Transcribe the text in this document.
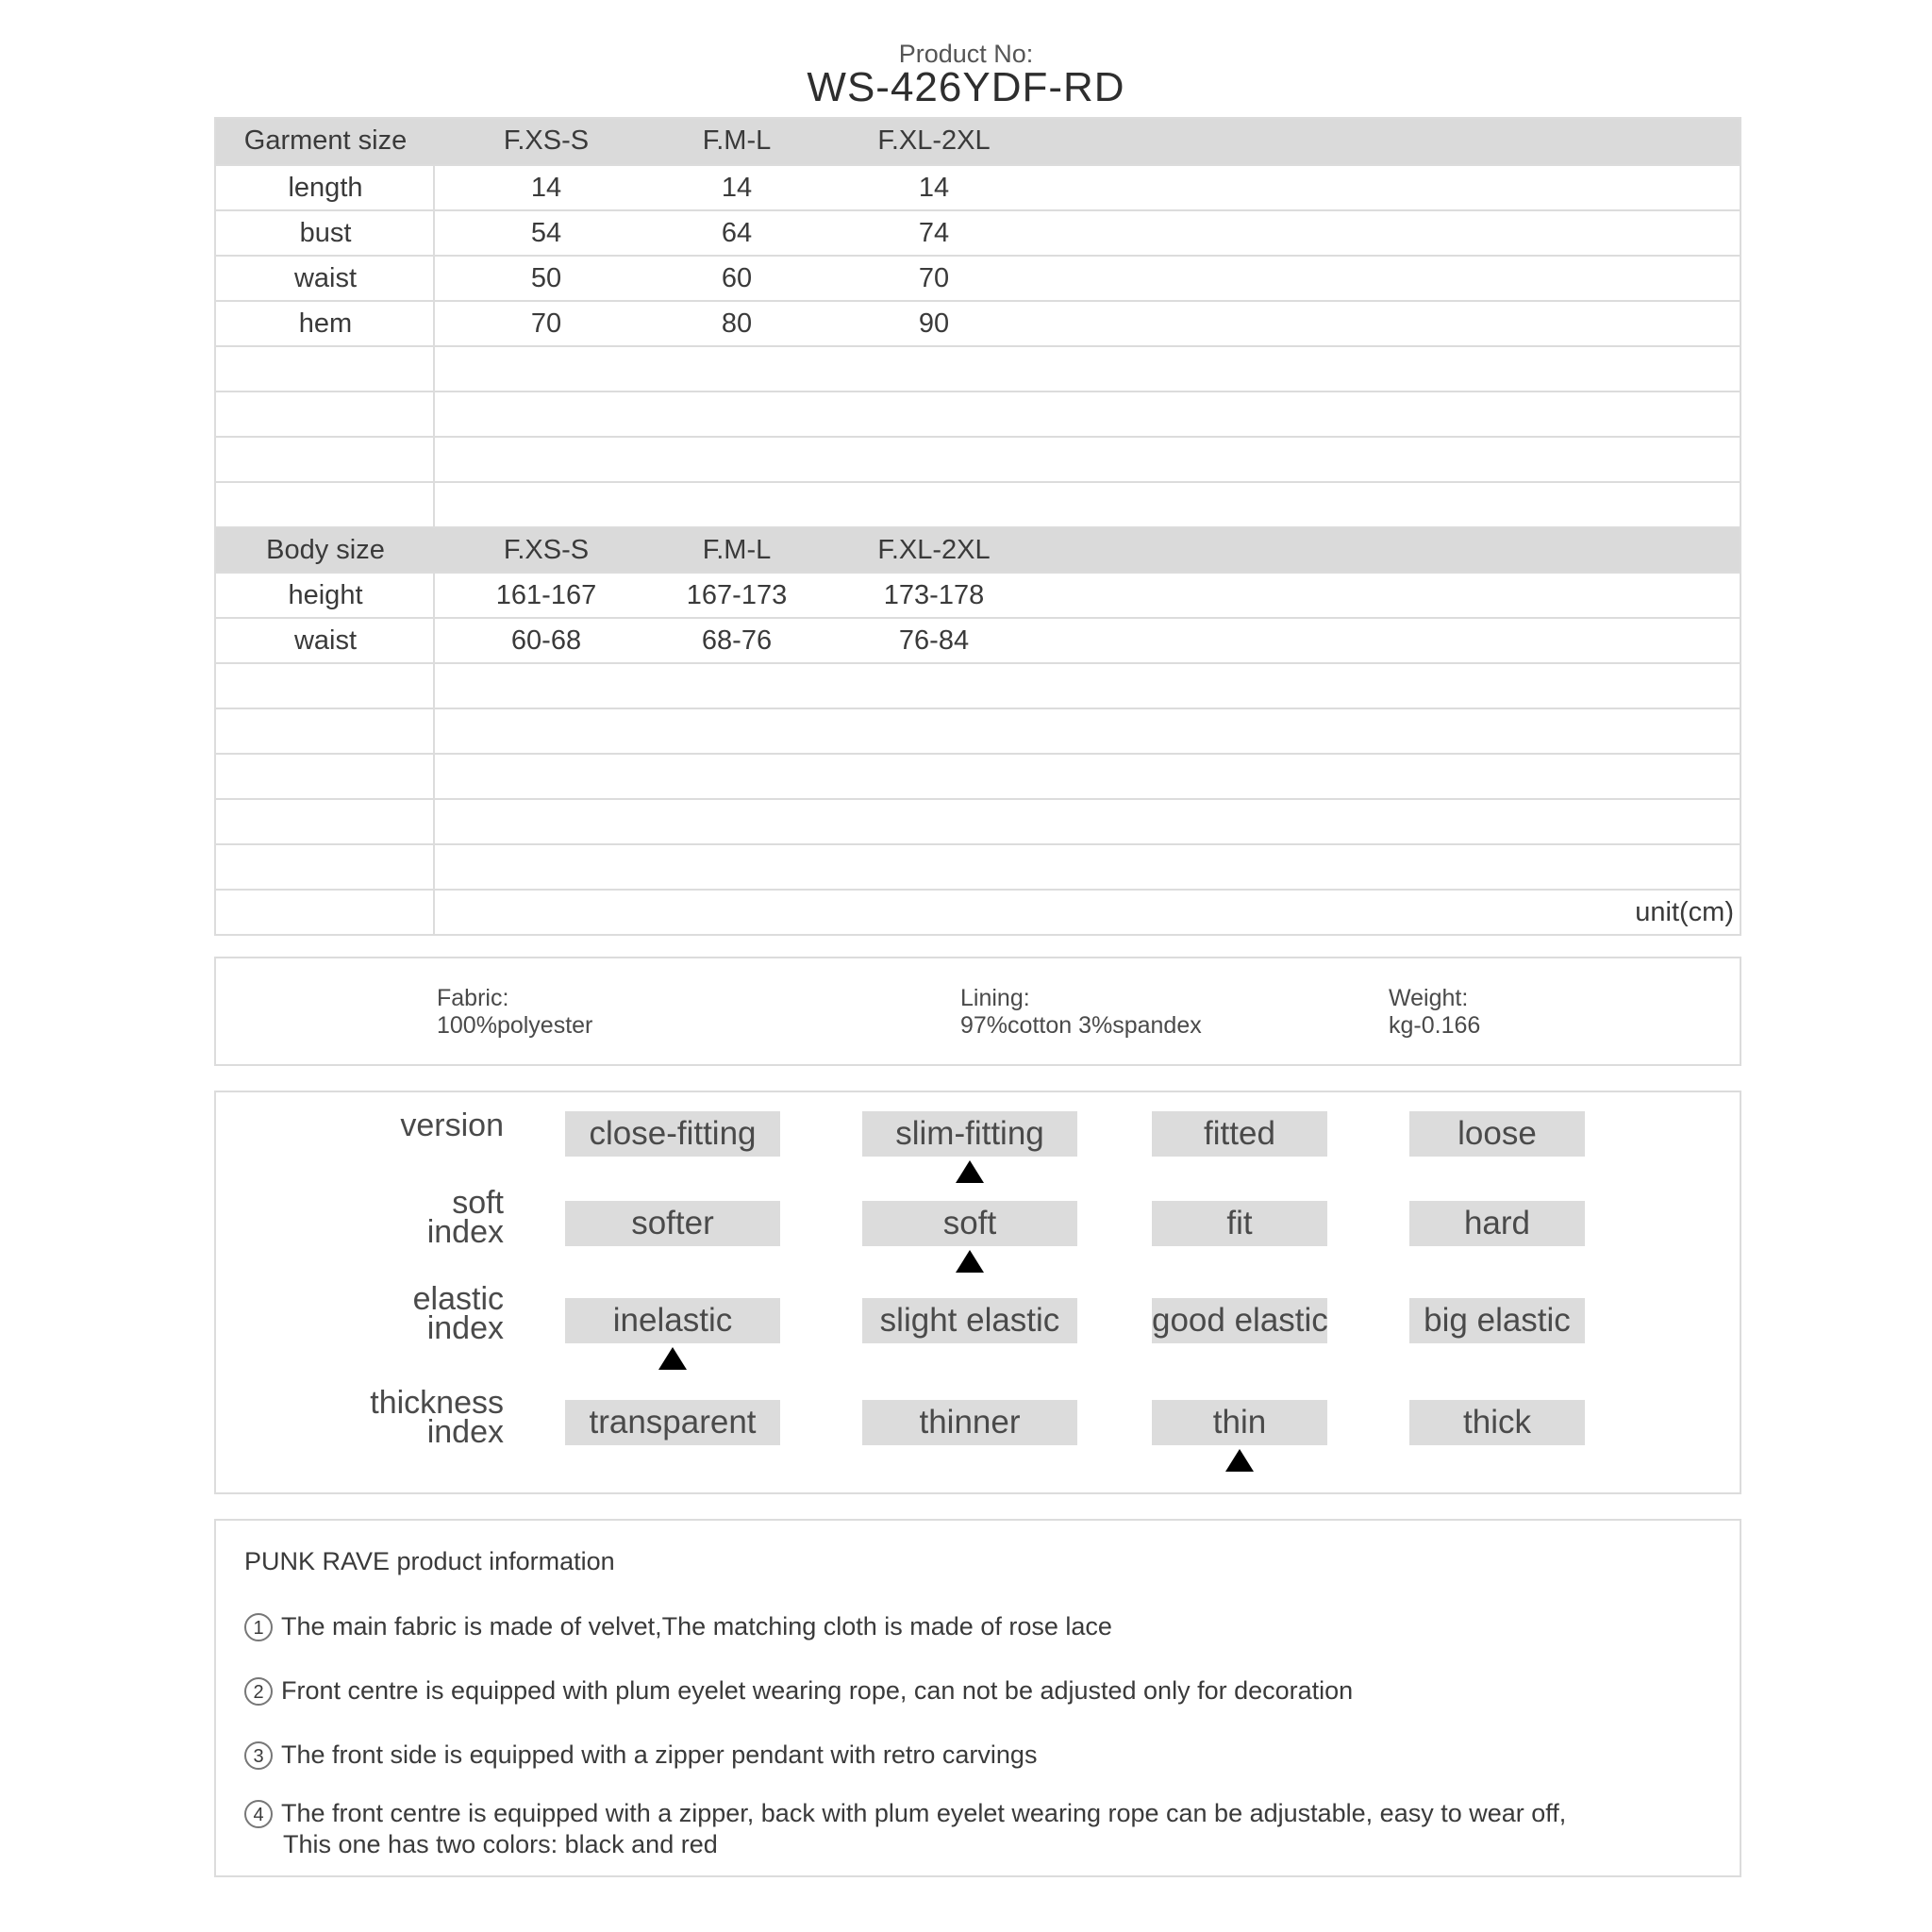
Product No:
WS-426YDF-RD
Garment size	F.XS-S	F.M-L	F.XL-2XL
length	14	14	14
bust	54	64	74
waist	50	60	70
hem	70	80	90
Body size	F.XS-S	F.M-L	F.XL-2XL
height	161-167	167-173	173-178
waist	60-68	68-76	76-84
unit(cm)
Fabric:
100%polyester
Lining:
97%cotton 3%spandex
Weight:
kg-0.166
version	close-fitting	slim-fitting	fitted	loose
soft
index	softer	soft	fit	hard
elastic
index	inelastic	slight elastic	good elastic	big elastic
thickness
index	transparent	thinner	thin	thick
PUNK RAVE product information
1 The main fabric is made of velvet,The matching cloth is made of rose lace
2 Front centre is equipped with plum eyelet wearing rope, can not be adjusted only for decoration
3 The front side is equipped with a zipper pendant with retro carvings
4 The front centre is equipped with a zipper, back with plum eyelet wearing rope can be adjustable, easy to wear off,
This one has two colors: black and red
